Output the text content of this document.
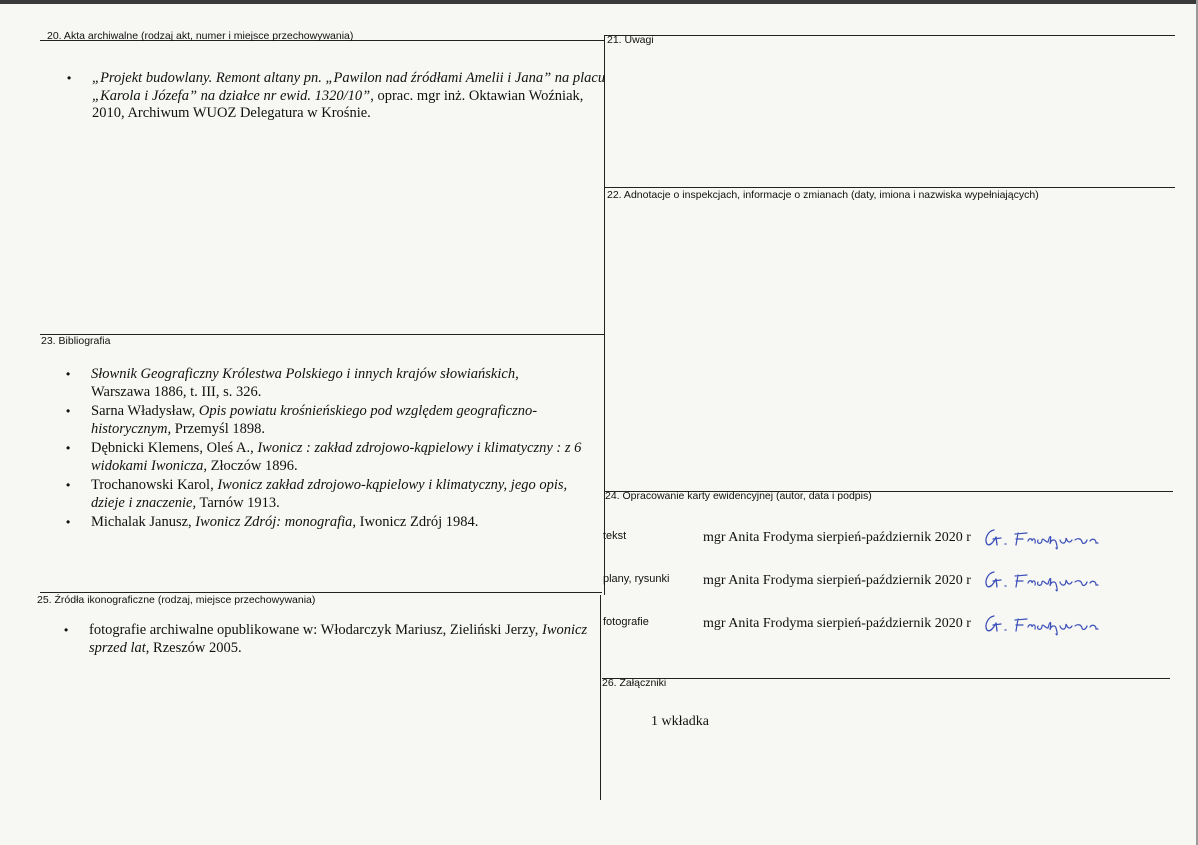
20. Akta archiwalne (rodzaj akt, numer i miejsce przechowywania)
• „Projekt budowlany. Remont altany pn. „Pawilon nad źródłami Amelii i Jana” na placu „Karola i Józefa” na działce nr ewid. 1320/10”, oprac. mgr inż. Oktawian Woźniak, 2010, Archiwum WUOZ Delegatura w Krośnie.
21. Uwagi
22. Adnotacje o inspekcjach, informacje o zmianach (daty, imiona i nazwiska wypełniających)
23. Bibliografia
• Słownik Geograficzny Królestwa Polskiego i innych krajów słowiańskich, Warszawa 1886, t. III, s. 326.
• Sarna Władysław, Opis powiatu krośnieńskiego pod względem geograficzno-historycznym, Przemyśl 1898.
• Dębnicki Klemens, Oleś A., Iwonicz : zakład zdrojowo-kąpielowy i klimatyczny : z 6 widokami Iwonicza, Złoczów 1896.
• Trochanowski Karol, Iwonicz zakład zdrojowo-kąpielowy i klimatyczny, jego opis, dzieje i znaczenie, Tarnów 1913.
• Michalak Janusz, Iwonicz Zdrój: monografia, Iwonicz Zdrój 1984.
24. Opracowanie karty ewidencyjnej (autor, data i podpis)
tekst	mgr Anita Frodyma sierpień-październik 2020 r
plany, rysunki mgr Anita Frodyma sierpień-październik 2020 r
fotografie	mgr Anita Frodyma sierpień-październik 2020 r
25. Źródła ikonograficzne (rodzaj, miejsce przechowywania)
• fotografie archiwalne opublikowane w: Włodarczyk Mariusz, Zieliński Jerzy, Iwonicz sprzed lat, Rzeszów 2005.
26. Załączniki
1 wkładka
